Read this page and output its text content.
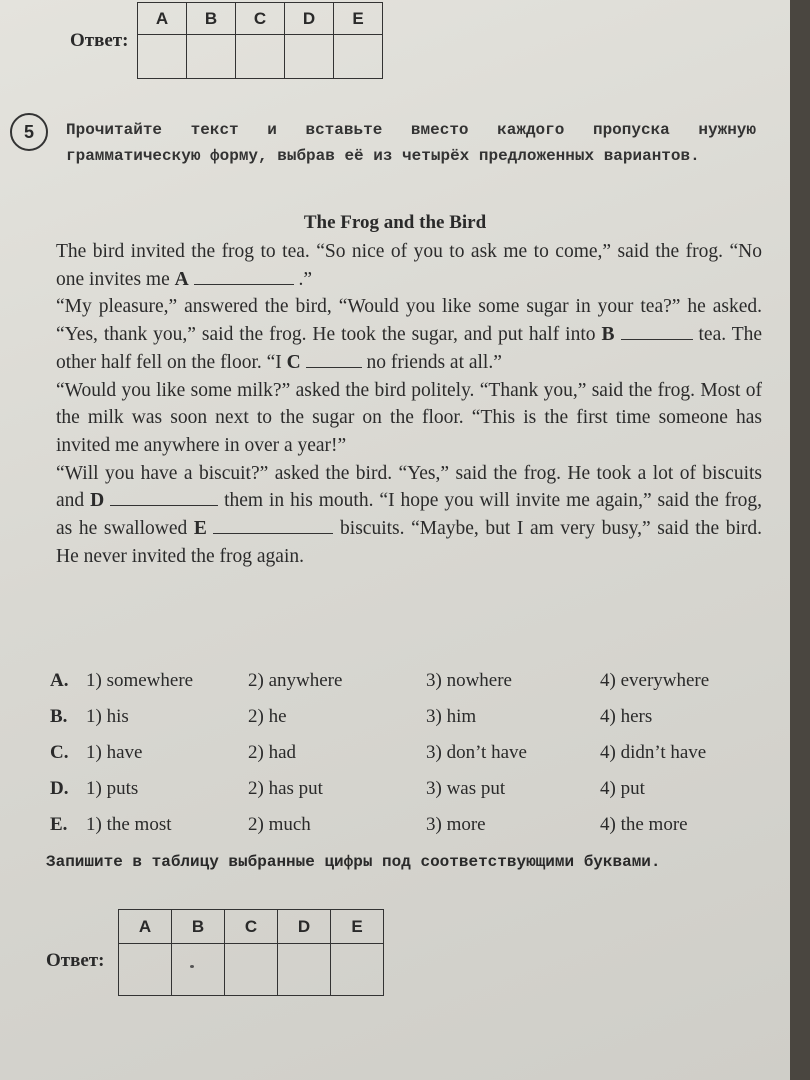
Ответ:
A	B	C	D	E

5	Прочитайте текст и вставьте вместо каждого пропуска нужную грамматическую форму, выбрав её из четырёх предложенных вариантов.
The Frog and the Bird

The bird invited the frog to tea. “So nice of you to ask me to come,” said the frog. “No one invites me A	.”

“My pleasure,” answered the bird, “Would you like some sugar in your tea?” he asked. “Yes, thank you,” said the frog. He took the sugar, and put half into B	tea. The other half fell on the floor. “I C	no friends at all.”

“Would you like some milk?” asked the bird politely. “Thank you,” said the frog. Most of the milk was soon next to the sugar on the floor. “This is the first time someone has invited me anywhere in over a year!”

“Will you have a biscuit?” asked the bird. “Yes,” said the frog. He took a lot of biscuits and D	them in his mouth. “I hope you will invite me again,” said the frog, as he swallowed E	biscuits. “Maybe, but I am very busy,” said the bird. He never invited the frog again.

A. 1) somewhere	2) anywhere	3) nowhere	4) everywhere
B. 1) his	2) he	3) him	4) hers
C. 1) have	2) had	3) don’t have	4) didn’t have
D. 1) puts	2) has put	3) was put	4) put
E. 1) the most	2) much	3) more	4) the more
Запишите в таблицу выбранные цифры под соответствующими буквами.
Ответ:
A	B	C	D	E
